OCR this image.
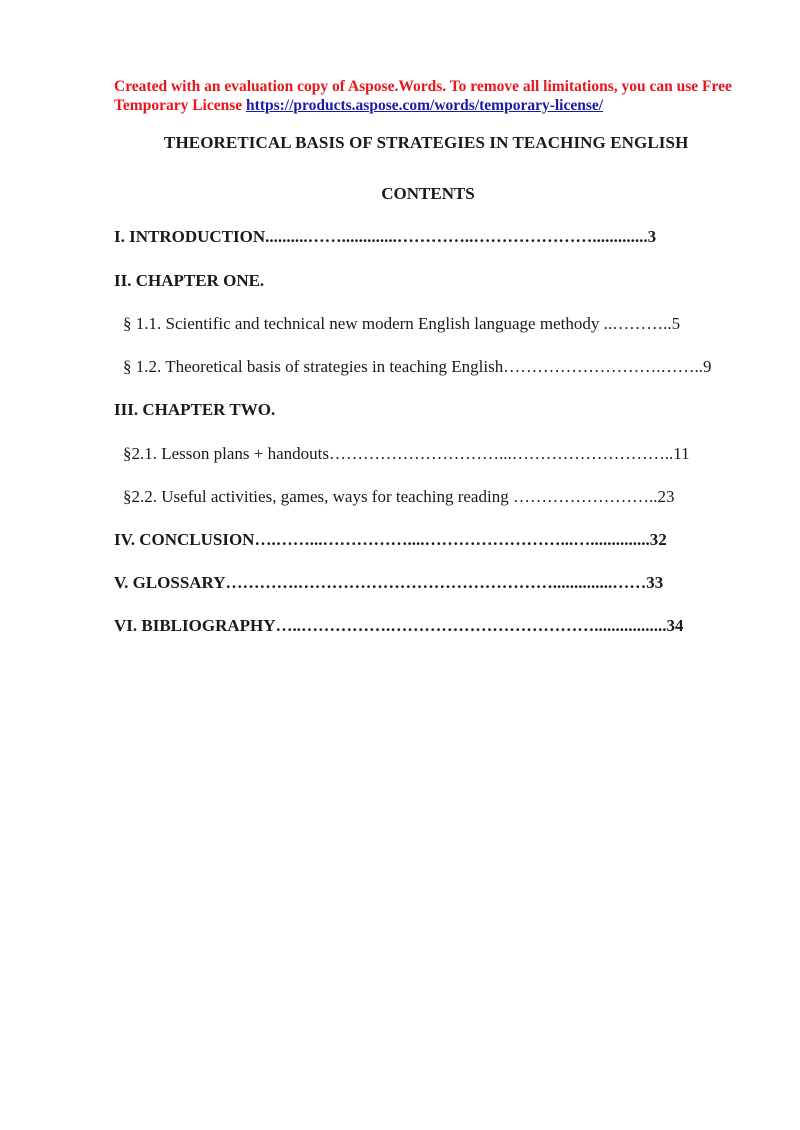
Created with an evaluation copy of Aspose.Words. To remove all limitations, you can use Free Temporary License https://products.aspose.com/words/temporary-license/
THEORETICAL BASIS OF STRATEGIES IN TEACHING ENGLISH
CONTENTS
I. INTRODUCTION..........…….............…………..………………….............3
II. CHAPTER ONE.
§ 1.1. Scientific and technical new modern English language methody ..………..5
§ 1.2. Theoretical basis of strategies in teaching English……………………….……..9
III. CHAPTER TWO.
§2.1. Lesson plans + handouts…………………………...………………………..11
§2.2. Useful activities, games, ways for teaching reading ……………………..23
IV. CONCLUSION….……...……………....……………………...…..............32
V. GLOSSARY………….………………………………………..............……33
VI. BIBLIOGRAPHY…..…………….……………………………….................34
